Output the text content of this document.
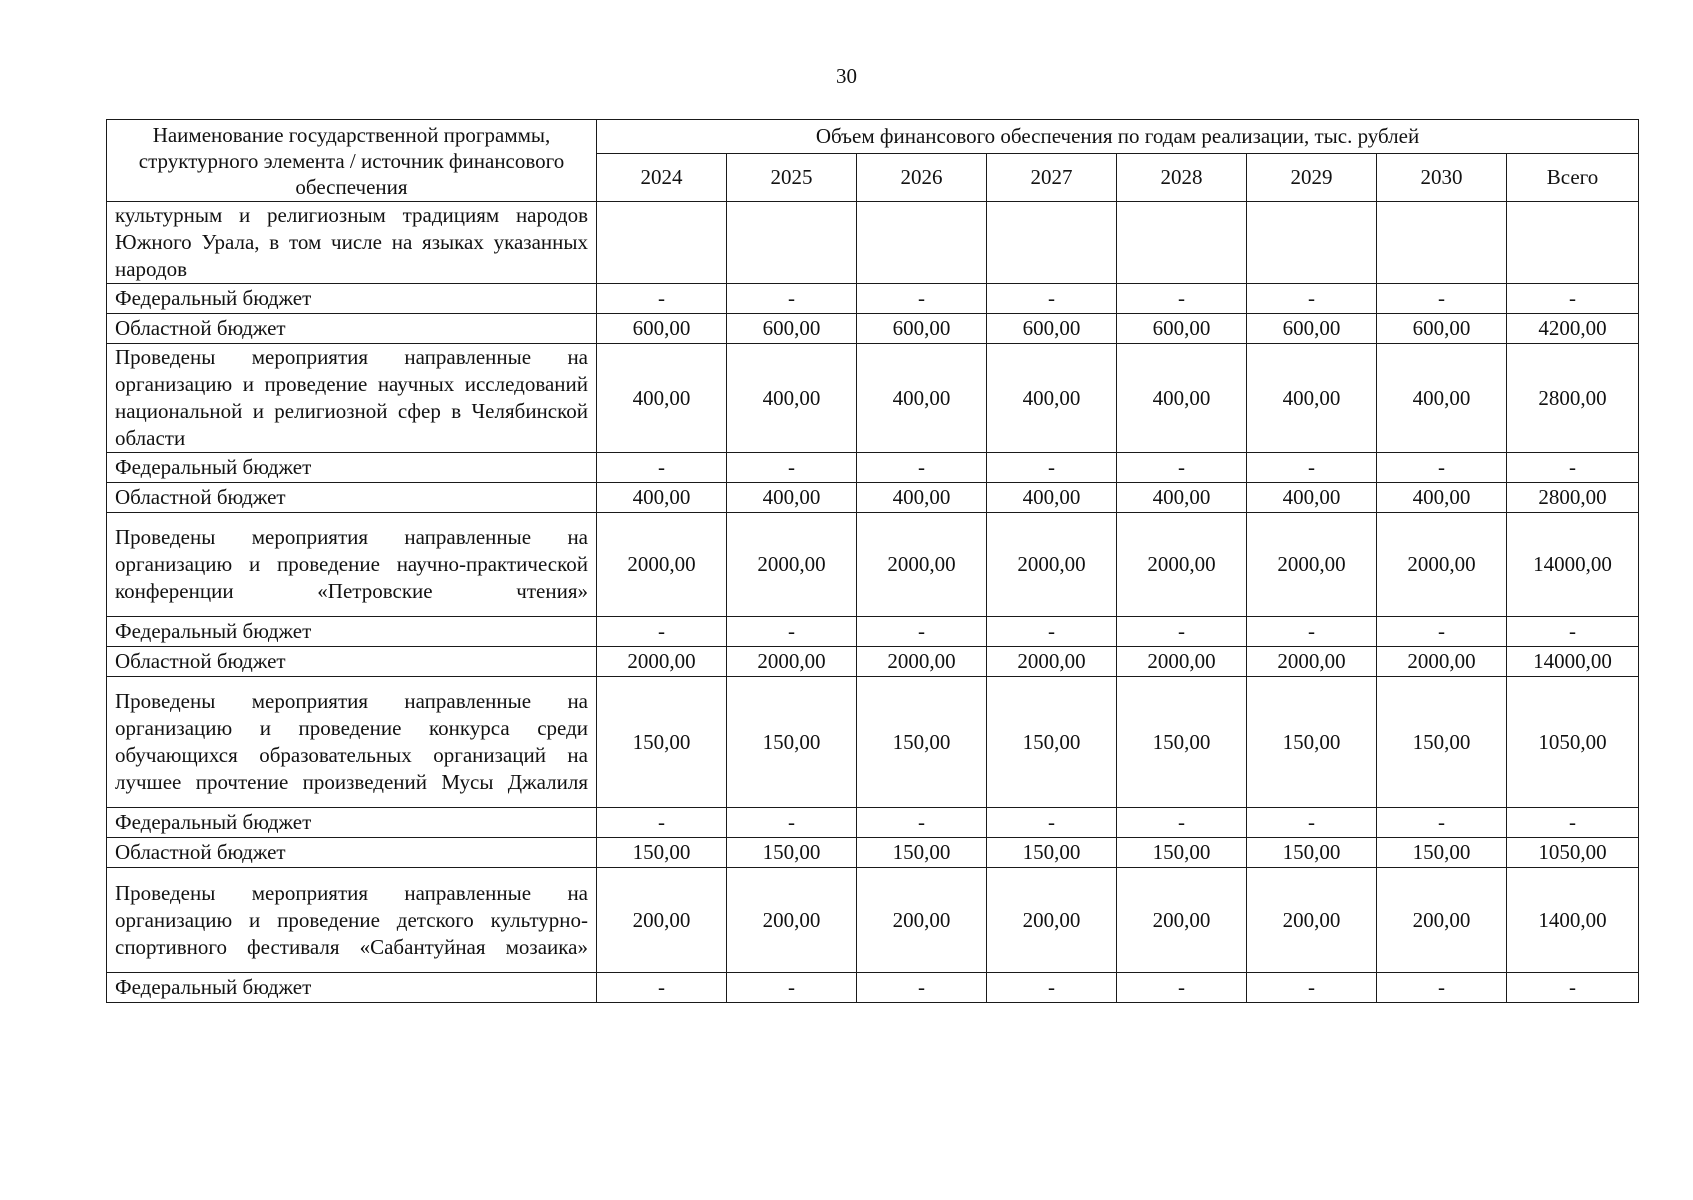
30
Наименование государственной программы, структурного элемента / источник финансового обеспечения	Объем финансового обеспечения по годам реализации, тыс. рублей							
	2024	2025	2026	2027	2028	2029	2030	Всего
культурным и религиозным традициям народов Южного Урала, в том числе на языках указанных народов								
Федеральный бюджет	-	-	-	-	-	-	-	-
Областной бюджет	600,00	600,00	600,00	600,00	600,00	600,00	600,00	4200,00
Проведены мероприятия направленные на организацию и проведение научных исследований национальной и религиозной сфер в Челябинской области	400,00	400,00	400,00	400,00	400,00	400,00	400,00	2800,00
Федеральный бюджет	-	-	-	-	-	-	-	-
Областной бюджет	400,00	400,00	400,00	400,00	400,00	400,00	400,00	2800,00
Проведены мероприятия направленные на организацию и проведение научно-практической конференции «Петровские чтения»	2000,00	2000,00	2000,00	2000,00	2000,00	2000,00	2000,00	14000,00
Федеральный бюджет	-	-	-	-	-	-	-	-
Областной бюджет	2000,00	2000,00	2000,00	2000,00	2000,00	2000,00	2000,00	14000,00
Проведены мероприятия направленные на организацию и проведение конкурса среди обучающихся образовательных организаций на лучшее прочтение произведений Мусы Джалиля	150,00	150,00	150,00	150,00	150,00	150,00	150,00	1050,00
Федеральный бюджет	-	-	-	-	-	-	-	-
Областной бюджет	150,00	150,00	150,00	150,00	150,00	150,00	150,00	1050,00
Проведены мероприятия направленные на организацию и проведение детского культурно-спортивного фестиваля «Сабантуйная мозаика»	200,00	200,00	200,00	200,00	200,00	200,00	200,00	1400,00
Федеральный бюджет	-	-	-	-	-	-	-	-
